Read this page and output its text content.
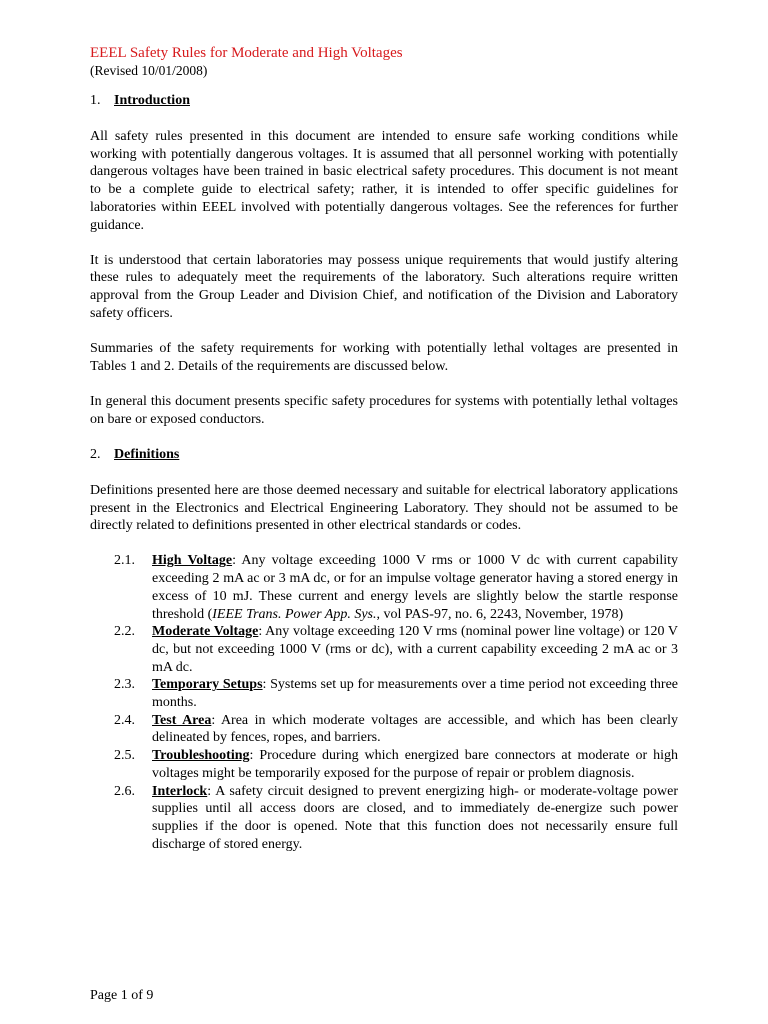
EEEL Safety Rules for Moderate and High Voltages

(Revised 10/01/2008)

1. Introduction

All safety rules presented in this document are intended to ensure safe working conditions while working with potentially dangerous voltages. It is assumed that all personnel working with potentially dangerous voltages have been trained in basic electrical safety procedures. This document is not meant to be a complete guide to electrical safety; rather, it is intended to offer specific guidelines for laboratories within EEEL involved with potentially dangerous voltages. See the references for further guidance.

It is understood that certain laboratories may possess unique requirements that would justify altering these rules to adequately meet the requirements of the laboratory. Such alterations require written approval from the Group Leader and Division Chief, and notification of the Division and Laboratory safety officers.

Summaries of the safety requirements for working with potentially lethal voltages are presented in Tables 1 and 2. Details of the requirements are discussed below.

In general this document presents specific safety procedures for systems with potentially lethal voltages on bare or exposed conductors.

2. Definitions

Definitions presented here are those deemed necessary and suitable for electrical laboratory applications present in the Electronics and Electrical Engineering Laboratory. They should not be assumed to be directly related to definitions presented in other electrical standards or codes.

2.1.	High Voltage: Any voltage exceeding 1000 V rms or 1000 V dc with current capability exceeding 2 mA ac or 3 mA dc, or for an impulse voltage generator having a stored energy in excess of 10 mJ. These current and energy levels are slightly below the startle response threshold (IEEE Trans. Power App. Sys., vol PAS-97, no. 6, 2243, November, 1978)
2.2.	Moderate Voltage: Any voltage exceeding 120 V rms (nominal power line voltage) or 120 V dc, but not exceeding 1000 V (rms or dc), with a current capability exceeding 2 mA ac or 3 mA dc.
2.3.	Temporary Setups: Systems set up for measurements over a time period not exceeding three months.
2.4.	Test Area: Area in which moderate voltages are accessible, and which has been clearly delineated by fences, ropes, and barriers.
2.5.	Troubleshooting: Procedure during which energized bare connectors at moderate or high voltages might be temporarily exposed for the purpose of repair or problem diagnosis.
2.6.	Interlock: A safety circuit designed to prevent energizing high- or moderate-voltage power supplies until all access doors are closed, and to immediately de-energize such power supplies if the door is opened. Note that this function does not necessarily ensure full discharge of stored energy.
Page 1 of 9
